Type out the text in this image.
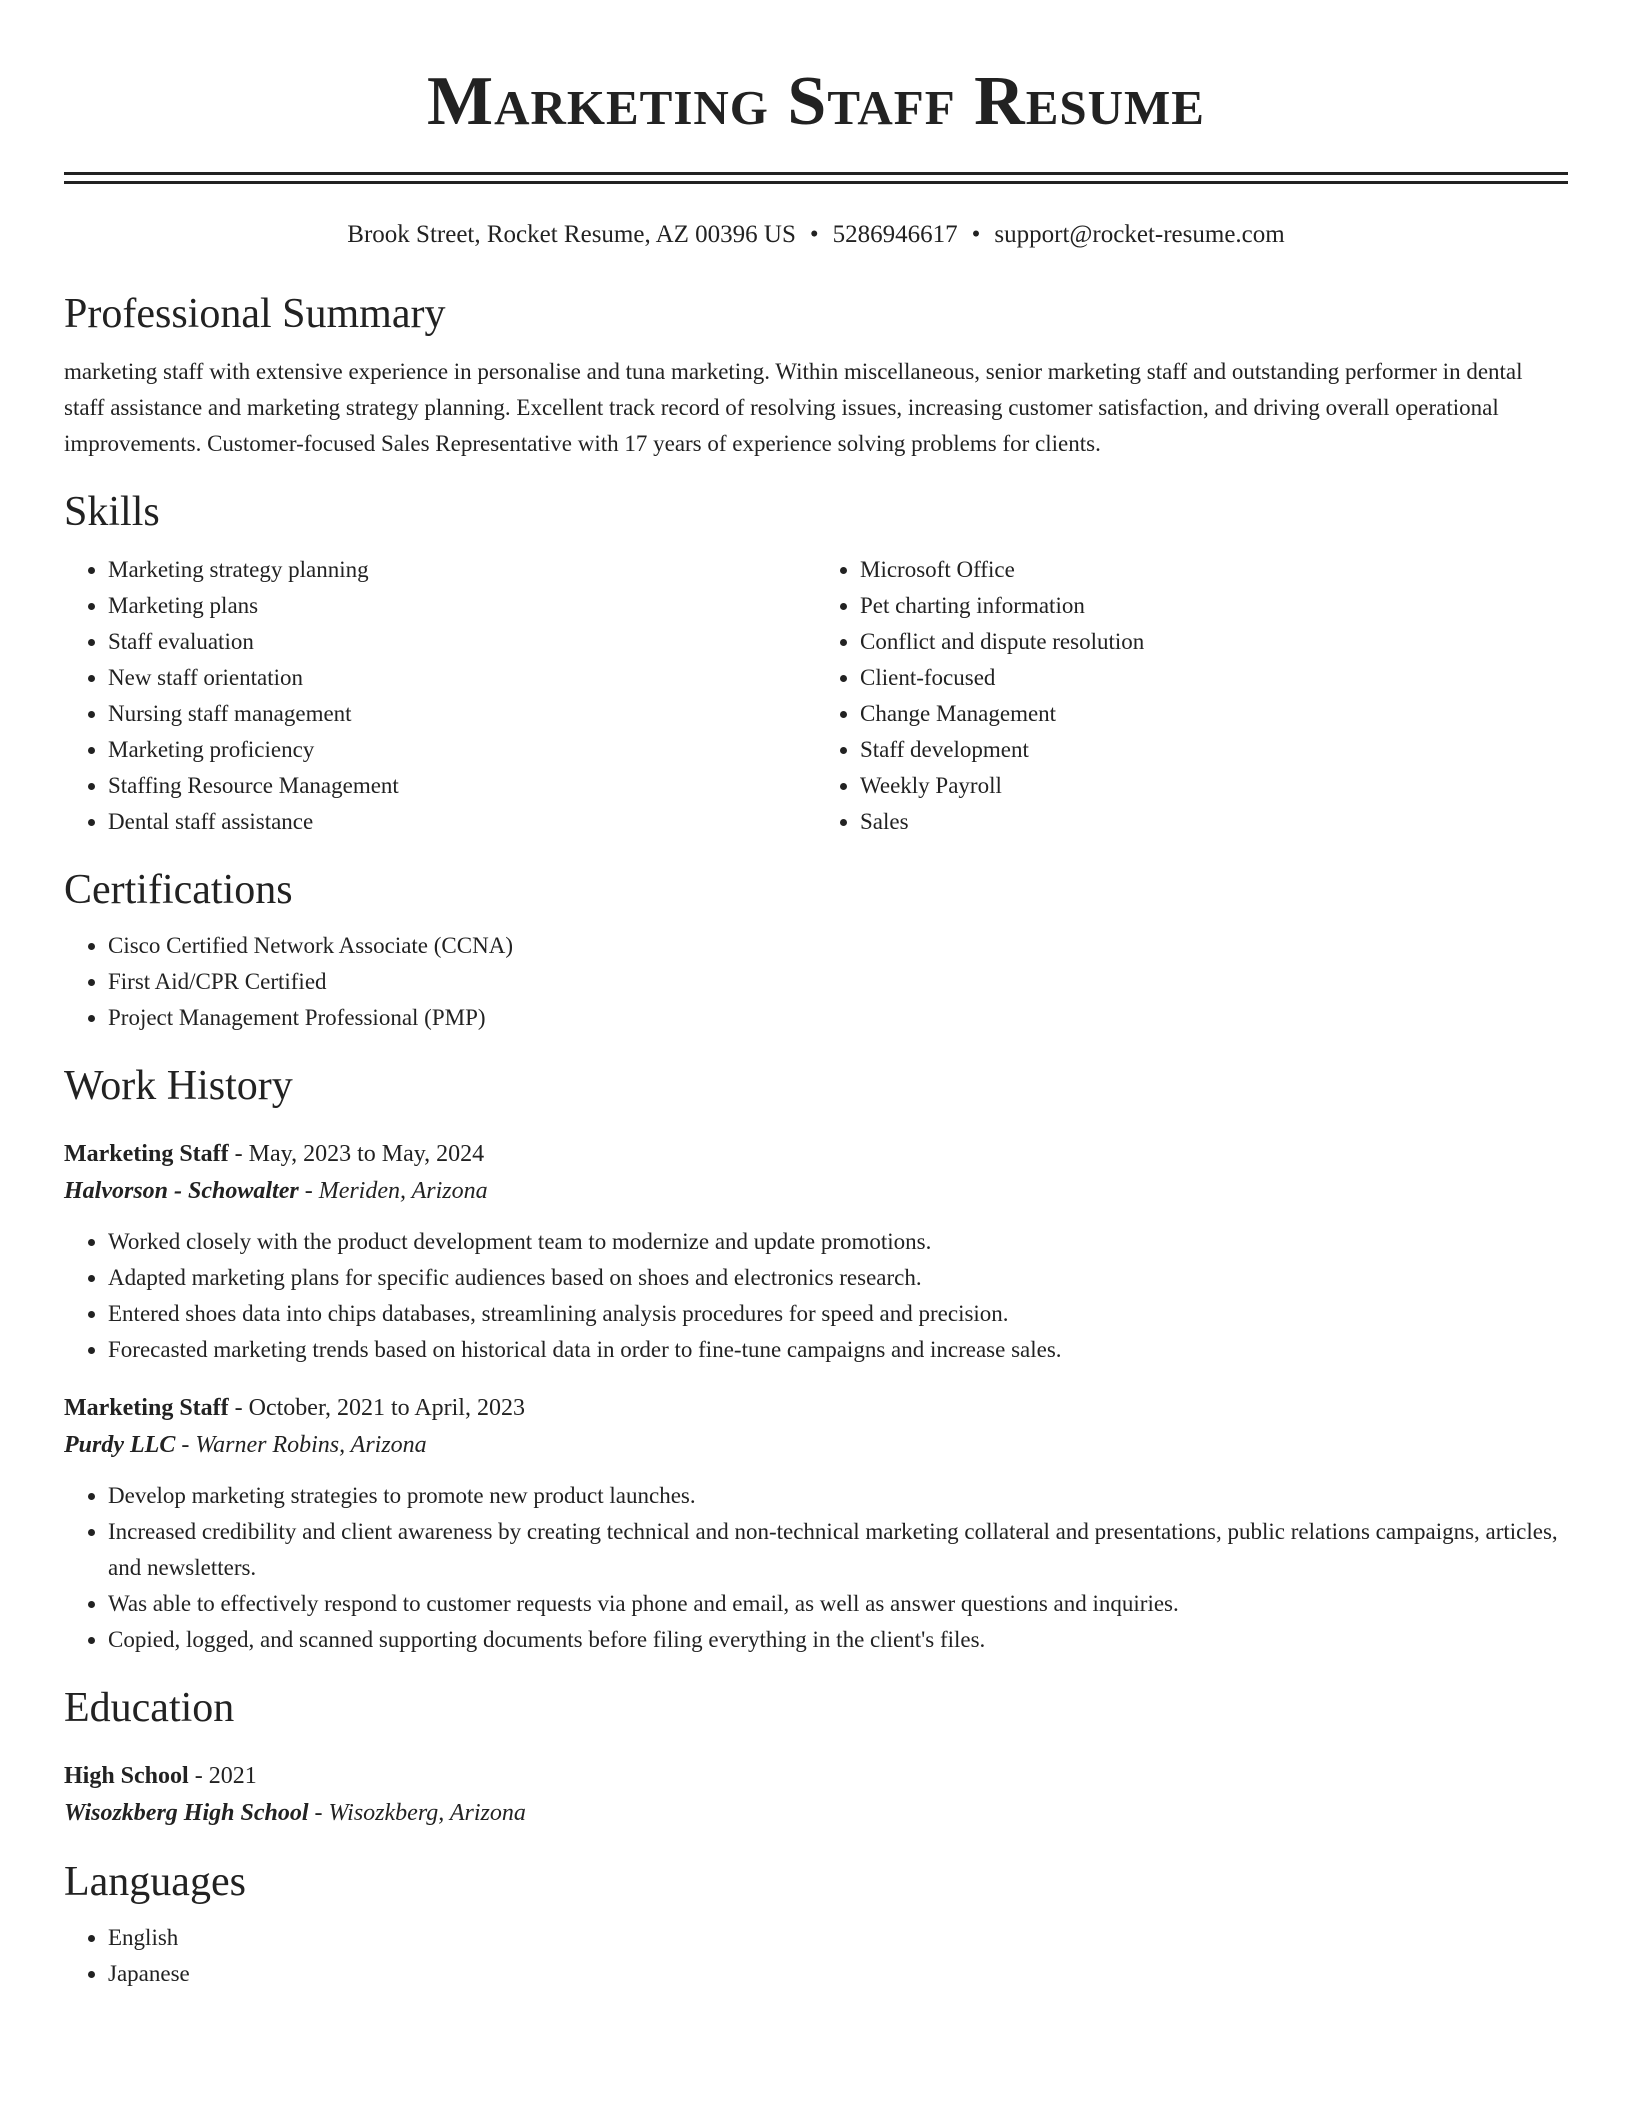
Marketing Staff Resume
Brook Street, Rocket Resume, AZ 00396 US • 5286946617 • support@rocket-resume.com
Professional Summary

marketing staff with extensive experience in personalise and tuna marketing. Within miscellaneous, senior marketing staff and outstanding performer in dental staff assistance and marketing strategy planning. Excellent track record of resolving issues, increasing customer satisfaction, and driving overall operational improvements. Customer-focused Sales Representative with 17 years of experience solving problems for clients.

Skills
• Marketing strategy planning
• Marketing plans
• Staff evaluation
• New staff orientation
• Nursing staff management
• Marketing proficiency
• Staffing Resource Management
• Dental staff assistance
• Microsoft Office
• Pet charting information
• Conflict and dispute resolution
• Client-focused
• Change Management
• Staff development
• Weekly Payroll
• Sales
Certifications
• Cisco Certified Network Associate (CCNA)
• First Aid/CPR Certified
• Project Management Professional (PMP)
Work History
Marketing Staff - May, 2023 to May, 2024
Halvorson - Schowalter - Meriden, Arizona
• Worked closely with the product development team to modernize and update promotions.
• Adapted marketing plans for specific audiences based on shoes and electronics research.
• Entered shoes data into chips databases, streamlining analysis procedures for speed and precision.
• Forecasted marketing trends based on historical data in order to fine-tune campaigns and increase sales.
Marketing Staff - October, 2021 to April, 2023
Purdy LLC - Warner Robins, Arizona
• Develop marketing strategies to promote new product launches.
• Increased credibility and client awareness by creating technical and non-technical marketing collateral and presentations, public relations campaigns, articles, and newsletters.
• Was able to effectively respond to customer requests via phone and email, as well as answer questions and inquiries.
• Copied, logged, and scanned supporting documents before filing everything in the client's files.
Education
High School - 2021
Wisozkberg High School - Wisozkberg, Arizona
Languages
• English
• Japanese
